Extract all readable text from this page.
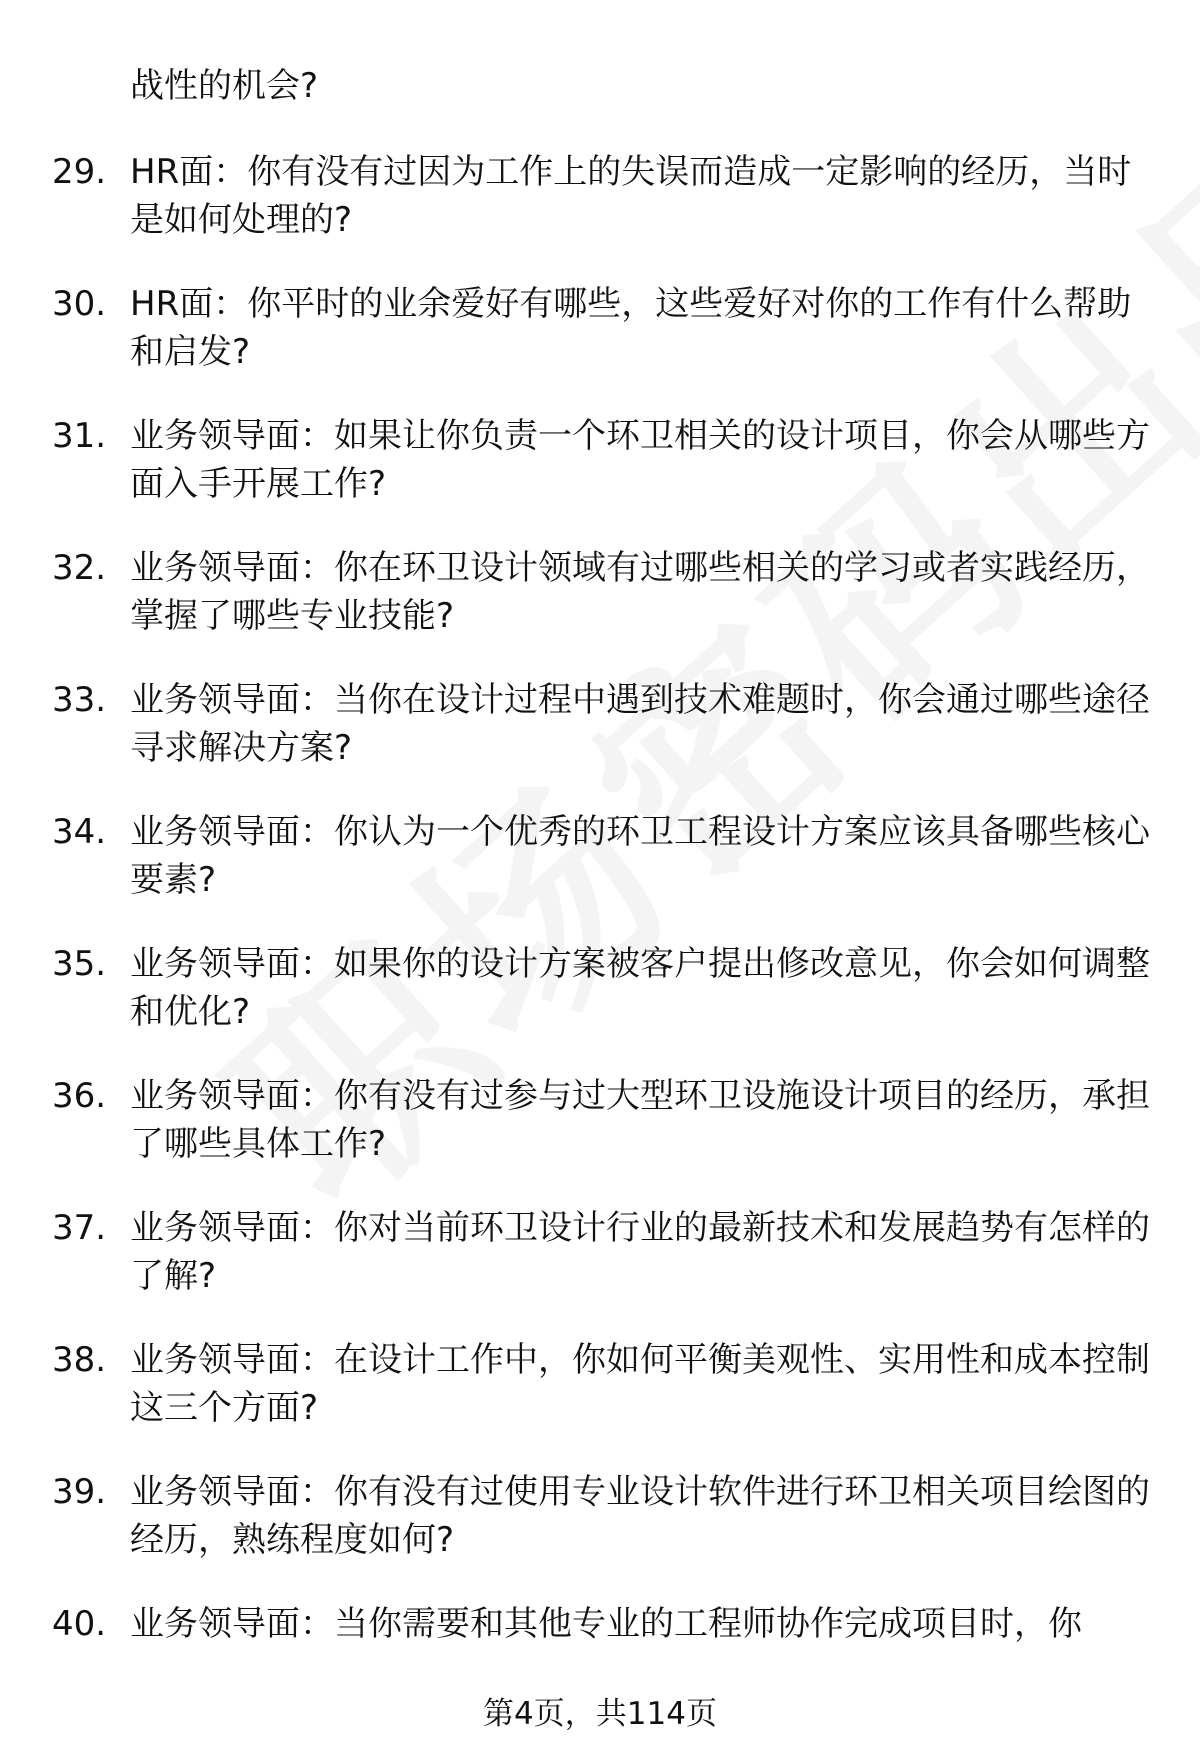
战性的机会?
29. HR面：你有没有过因为工作上的失误而造成一定影响的经历，当时是如何处理的?
30. HR面：你平时的业余爱好有哪些，这些爱好对你的工作有什么帮助和启发?
31. 业务领导面：如果让你负责一个环卫相关的设计项目，你会从哪些方面入手开展工作?
32. 业务领导面：你在环卫设计领域有过哪些相关的学习或者实践经历，掌握了哪些专业技能?
33. 业务领导面：当你在设计过程中遇到技术难题时，你会通过哪些途径寻求解决方案?
34. 业务领导面：你认为一个优秀的环卫工程设计方案应该具备哪些核心要素?
35. 业务领导面：如果你的设计方案被客户提出修改意见，你会如何调整和优化?
36. 业务领导面：你有没有过参与过大型环卫设施设计项目的经历，承担了哪些具体工作?
37. 业务领导面：你对当前环卫设计行业的最新技术和发展趋势有怎样的了解?
38. 业务领导面：在设计工作中，你如何平衡美观性、实用性和成本控制这三个方面?
39. 业务领导面：你有没有过使用专业设计软件进行环卫相关项目绘图的经历，熟练程度如何?
40. 业务领导面：当你需要和其他专业的工程师协作完成项目时，你
第4页，共114页
